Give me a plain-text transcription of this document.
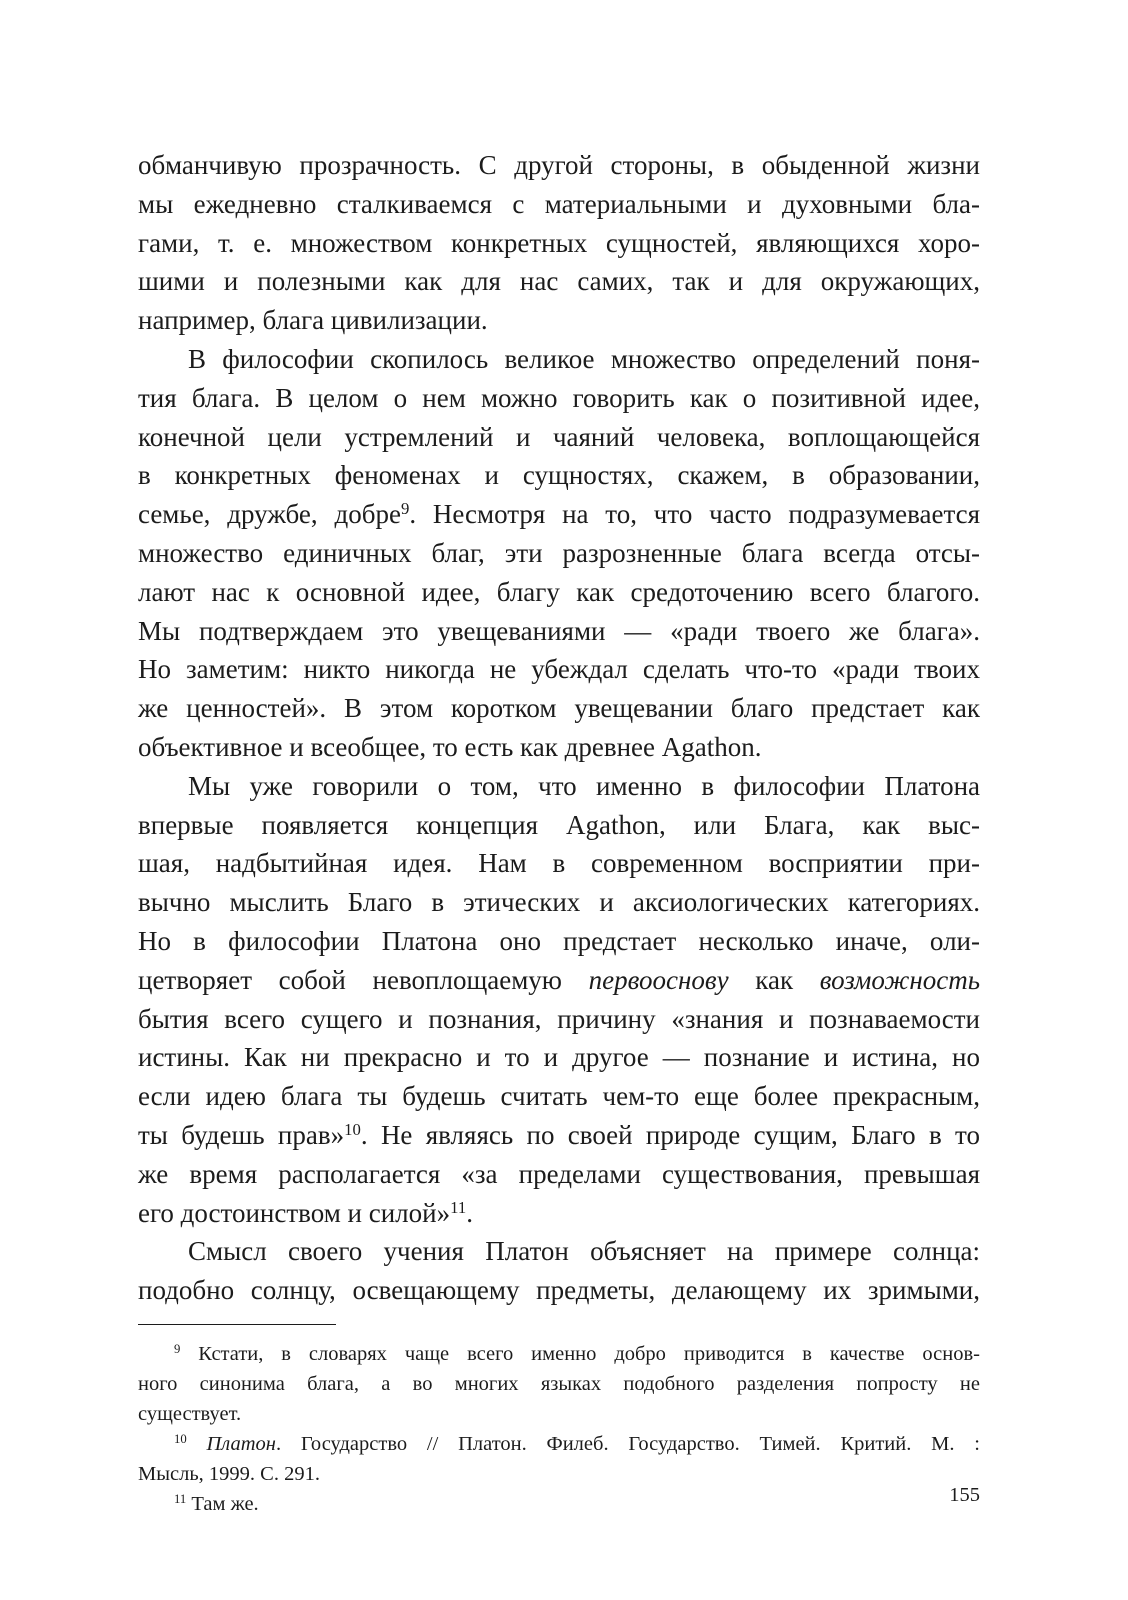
обманчивую прозрачность. С другой стороны, в обыденной жизни
мы ежедневно сталкиваемся с материальными и духовными бла-
гами, т. е. множеством конкретных сущностей, являющихся хоро-
шими и полезными как для нас самих, так и для окружающих,
например, блага цивилизации.
В философии скопилось великое множество определений поня-
тия блага. В целом о нем можно говорить как о позитивной идее,
конечной цели устремлений и чаяний человека, воплощающейся
в конкретных феноменах и сущностях, скажем, в образовании,
семье, дружбе, добре$^9$. Несмотря на то, что часто подразумевается
множество единичных благ, эти разрозненные блага всегда отсы-
лают нас к основной идее, благу как средоточению всего благого.
Мы подтверждаем это увещеваниями — «ради твоего же блага».
Но заметим: никто никогда не убеждал сделать что-то «ради твоих
же ценностей». В этом коротком увещевании благо предстает как
объективное и всеобщее, то есть как древнее Agathon.
Мы уже говорили о том, что именно в философии Платона
впервые появляется концепция Agathon, или Блага, как выс-
шая, надбытийная идея. Нам в современном восприятии при-
вычно мыслить Благо в этических и аксиологических категориях.
Но в философии Платона оно предстает несколько иначе, оли-
цетворяет собой невоплощаемую первооснову как возможность
бытия всего сущего и познания, причину «знания и познаваемости
истины. Как ни прекрасно и то и другое — познание и истина, но
если идею блага ты будешь считать чем-то еще более прекрасным,
ты будешь прав»$^{10}$. Не являясь по своей природе сущим, Благо в то
же время располагается «за пределами существования, превышая
его достоинством и силой»$^{11}$.
Смысл своего учения Платон объясняет на примере солнца:
подобно солнцу, освещающему предметы, делающему их зримыми,
$^9$ Кстати, в словарях чаще всего именно добро приводится в качестве основ-
ного синонима блага, а во многих языках подобного разделения попросту не
существует.
$^{10}$ Платон. Государство // Платон. Филеб. Государство. Тимей. Критий. М. :
Мысль, 1999. С. 291.
$^{11}$ Там же.	155
